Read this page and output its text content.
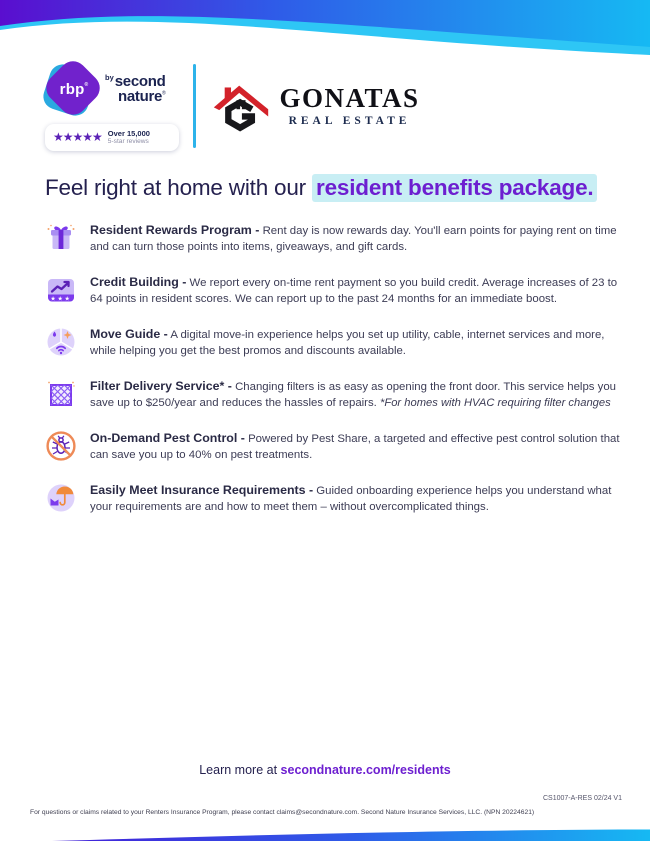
rbp®
$^{by}$second
nature®
★★★★★ Over 15,000
5-star reviews
GONATAS
REAL ESTATE
Feel right at home with our resident benefits package.

Resident Rewards Program - Rent day is now rewards day. You'll earn points for paying rent on time and can turn those points into items, giveaways, and gift cards.

★★★

Credit Building - We report every on-time rent payment so you build credit. Average increases of 23 to 64 points in resident scores. We can report up to the past 24 months for an immediate boost.

Move Guide - A digital move-in experience helps you set up utility, cable, internet services and more, while helping you get the best promos and discounts available.

Filter Delivery Service* - Changing filters is as easy as opening the front door. This service helps you save up to $250/year and reduces the hassles of repairs. *For homes with HVAC requiring filter changes

On-Demand Pest Control - Powered by Pest Share, a targeted and effective pest control solution that can save you up to 40% on pest treatments.

Easily Meet Insurance Requirements - Guided onboarding experience helps you understand what your requirements are and how to meet them – without overcomplicated things.

Learn more at secondnature.com/residents
CS1007-A-RES 02/24 V1
For questions or claims related to your Renters Insurance Program, please contact claims@secondnature.com. Second Nature Insurance Services, LLC. (NPN 20224621)
